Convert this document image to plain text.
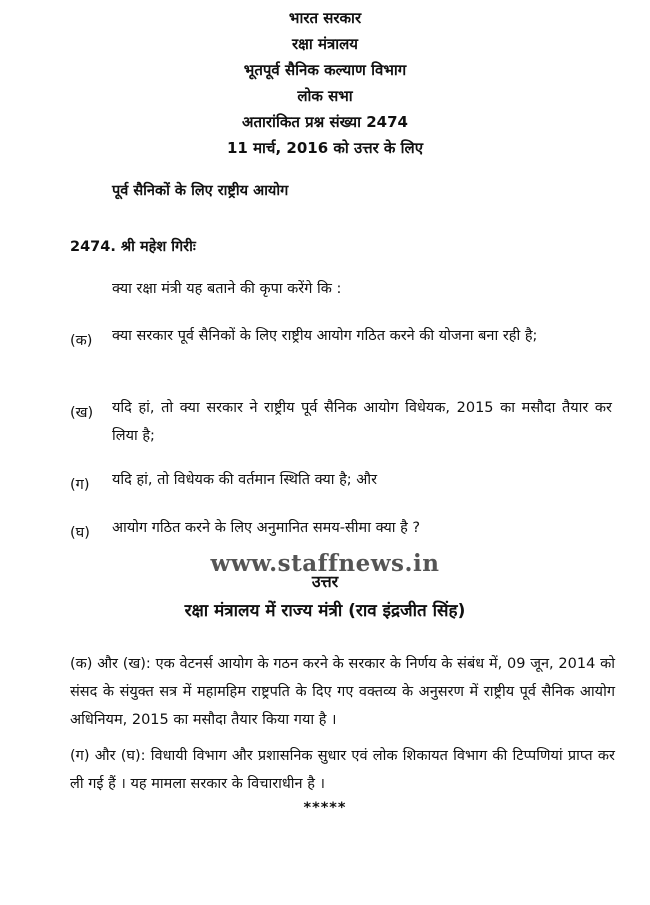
भारत सरकार
रक्षा मंत्रालय
भूतपूर्व सैनिक कल्याण विभाग
लोक सभा
अतारांकित प्रश्न संख्या 2474
11 मार्च, 2016 को उत्तर के लिए
पूर्व सैनिकों के लिए राष्ट्रीय आयोग
2474. श्री महेश गिरीः
क्या रक्षा मंत्री यह बताने की कृपा करेंगे कि :
(क) क्या सरकार पूर्व सैनिकों के लिए राष्ट्रीय आयोग गठित करने की योजना बना रही है;
(ख) यदि हां, तो क्या सरकार ने राष्ट्रीय पूर्व सैनिक आयोग विधेयक, 2015 का मसौदा तैयार कर लिया है;
(ग) यदि हां, तो विधेयक की वर्तमान स्थिति क्या है; और
(घ) आयोग गठित करने के लिए अनुमानित समय-सीमा क्या है ?
www.staffnews.in
उत्तर
रक्षा मंत्रालय में राज्य मंत्री (राव इंद्रजीत सिंह)
(क) और (ख): एक वेटनर्स आयोग के गठन करने के सरकार के निर्णय के संबंध में, 09 जून, 2014 को संसद के संयुक्त सत्र में महामहिम राष्ट्रपति के दिए गए वक्तव्य के अनुसरण में राष्ट्रीय पूर्व सैनिक आयोग अधिनियम, 2015 का मसौदा तैयार किया गया है ।
(ग) और (घ): विधायी विभाग और प्रशासनिक सुधार एवं लोक शिकायत विभाग की टिप्पणियां प्राप्त कर ली गई हैं । यह मामला सरकार के विचाराधीन है ।
*****
